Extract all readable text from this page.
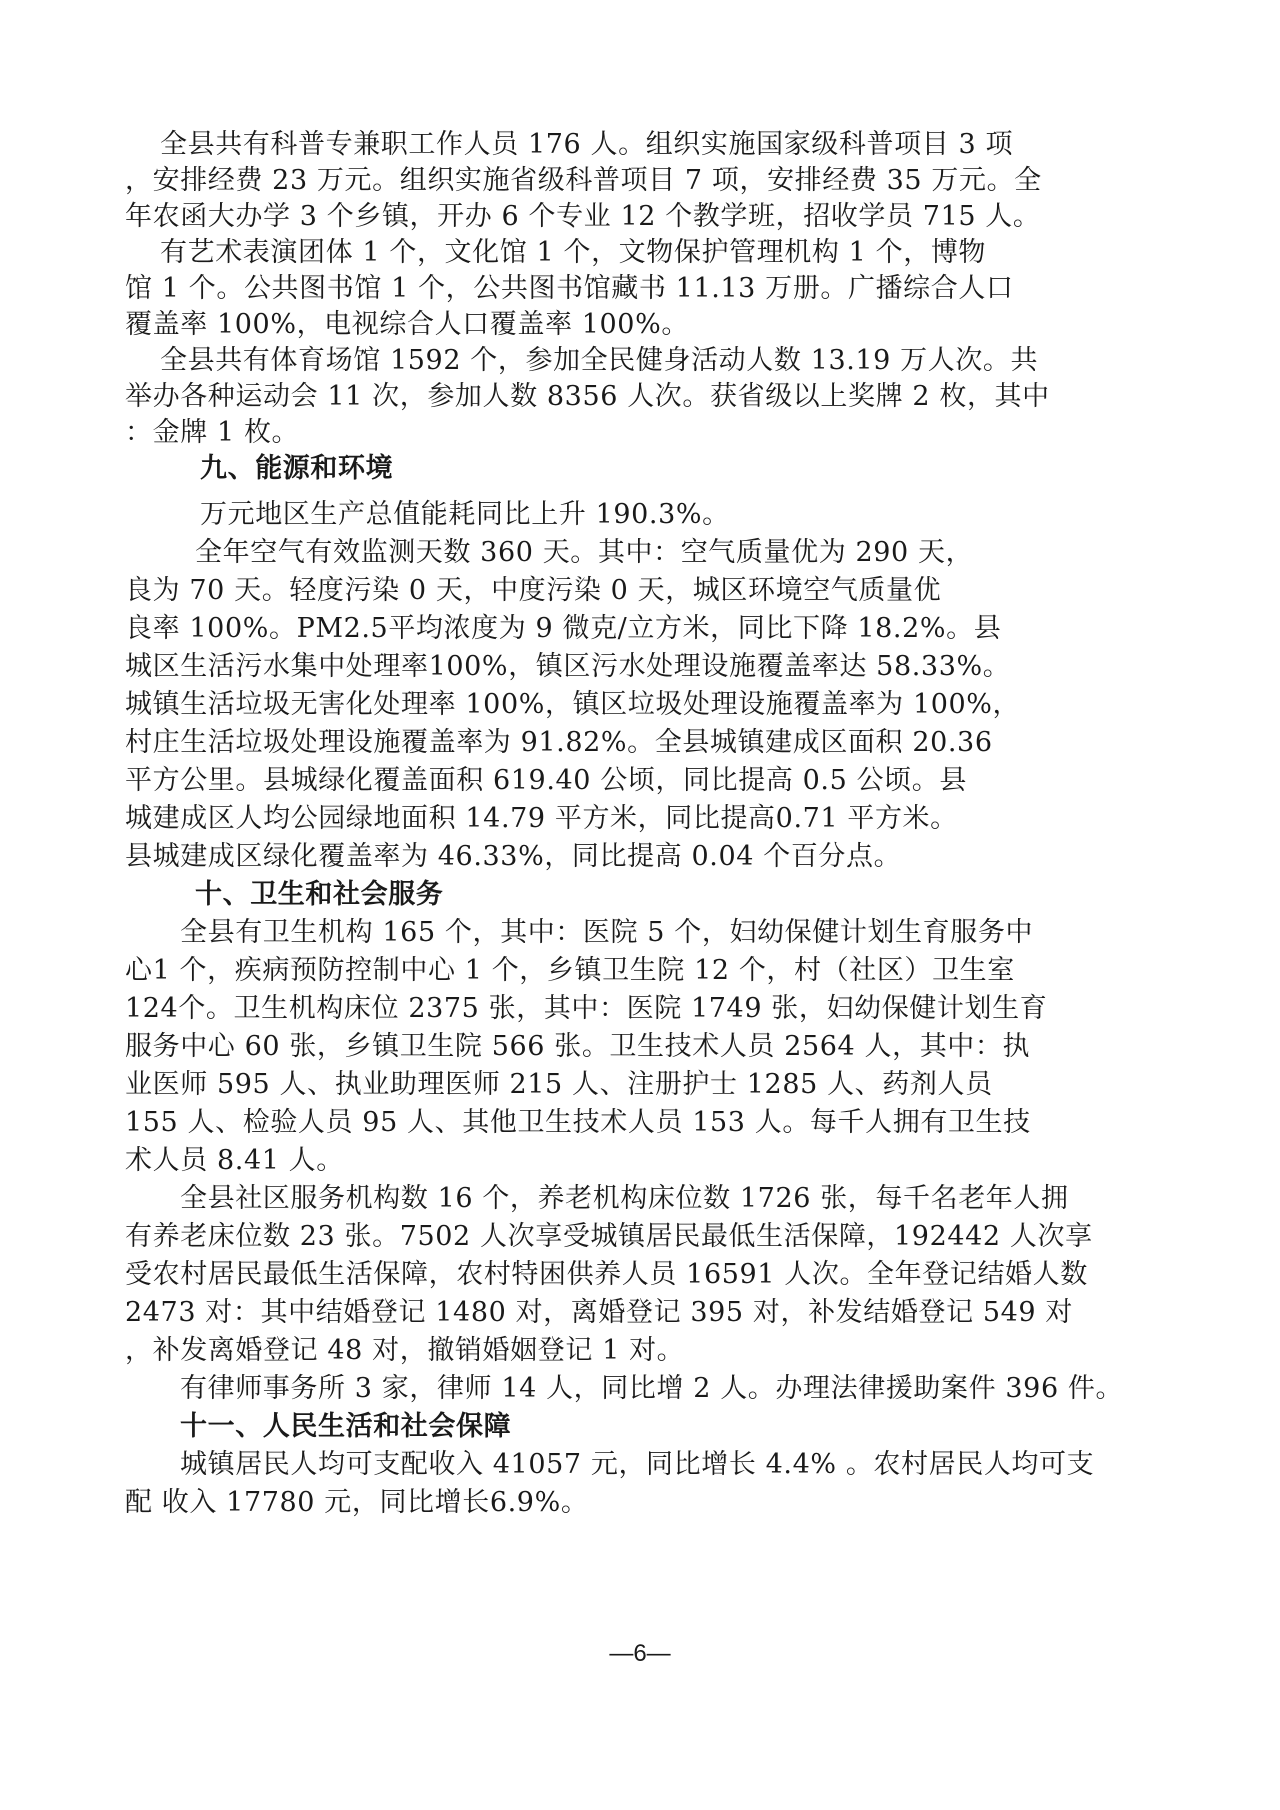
全县共有科普专兼职工作人员 176 人。组织实施国家级科普项目 3 项
，安排经费 23 万元。组织实施省级科普项目 7 项，安排经费 35 万元。全
年农函大办学 3 个乡镇，开办 6 个专业 12 个教学班，招收学员 715 人。
有艺术表演团体 1 个，文化馆 1 个，文物保护管理机构 1 个，博物
馆 1 个。公共图书馆 1 个，公共图书馆藏书 11.13 万册。广播综合人口
覆盖率 100%，电视综合人口覆盖率 100%。
全县共有体育场馆 1592 个，参加全民健身活动人数 13.19 万人次。共
举办各种运动会 11 次，参加人数 8356 人次。获省级以上奖牌 2 枚，其中
：金牌 1 枚。
九、能源和环境
万元地区生产总值能耗同比上升 190.3%。
全年空气有效监测天数 360 天。其中：空气质量优为 290 天，
良为 70 天。轻度污染 0 天，中度污染 0 天，城区环境空气质量优
良率 100%。PM2.5平均浓度为 9 微克/立方米，同比下降 18.2%。县
城区生活污水集中处理率100%，镇区污水处理设施覆盖率达 58.33%。
城镇生活垃圾无害化处理率 100%，镇区垃圾处理设施覆盖率为 100%，
村庄生活垃圾处理设施覆盖率为 91.82%。全县城镇建成区面积 20.36
平方公里。县城绿化覆盖面积 619.40 公顷，同比提高 0.5 公顷。县
城建成区人均公园绿地面积 14.79 平方米，同比提高0.71 平方米。
县城建成区绿化覆盖率为 46.33%，同比提高 0.04 个百分点。
十、卫生和社会服务
全县有卫生机构 165 个，其中：医院 5 个，妇幼保健计划生育服务中
心1 个，疾病预防控制中心 1 个，乡镇卫生院 12 个，村（社区）卫生室
124个。卫生机构床位 2375 张，其中：医院 1749 张，妇幼保健计划生育
服务中心 60 张，乡镇卫生院 566 张。卫生技术人员 2564 人，其中：执
业医师 595 人、执业助理医师 215 人、注册护士 1285 人、药剂人员
155 人、检验人员 95 人、其他卫生技术人员 153 人。每千人拥有卫生技
术人员 8.41 人。
全县社区服务机构数 16 个，养老机构床位数 1726 张，每千名老年人拥
有养老床位数 23 张。7502 人次享受城镇居民最低生活保障，192442 人次享
受农村居民最低生活保障，农村特困供养人员 16591 人次。全年登记结婚人数
2473 对：其中结婚登记 1480 对，离婚登记 395 对，补发结婚登记 549 对
，补发离婚登记 48 对，撤销婚姻登记 1 对。
有律师事务所 3 家，律师 14 人，同比增 2 人。办理法律援助案件 396 件。
十一、人民生活和社会保障
城镇居民人均可支配收入 41057 元，同比增长 4.4% 。农村居民人均可支
配 收入 17780 元，同比增长6.9%。
—6—
